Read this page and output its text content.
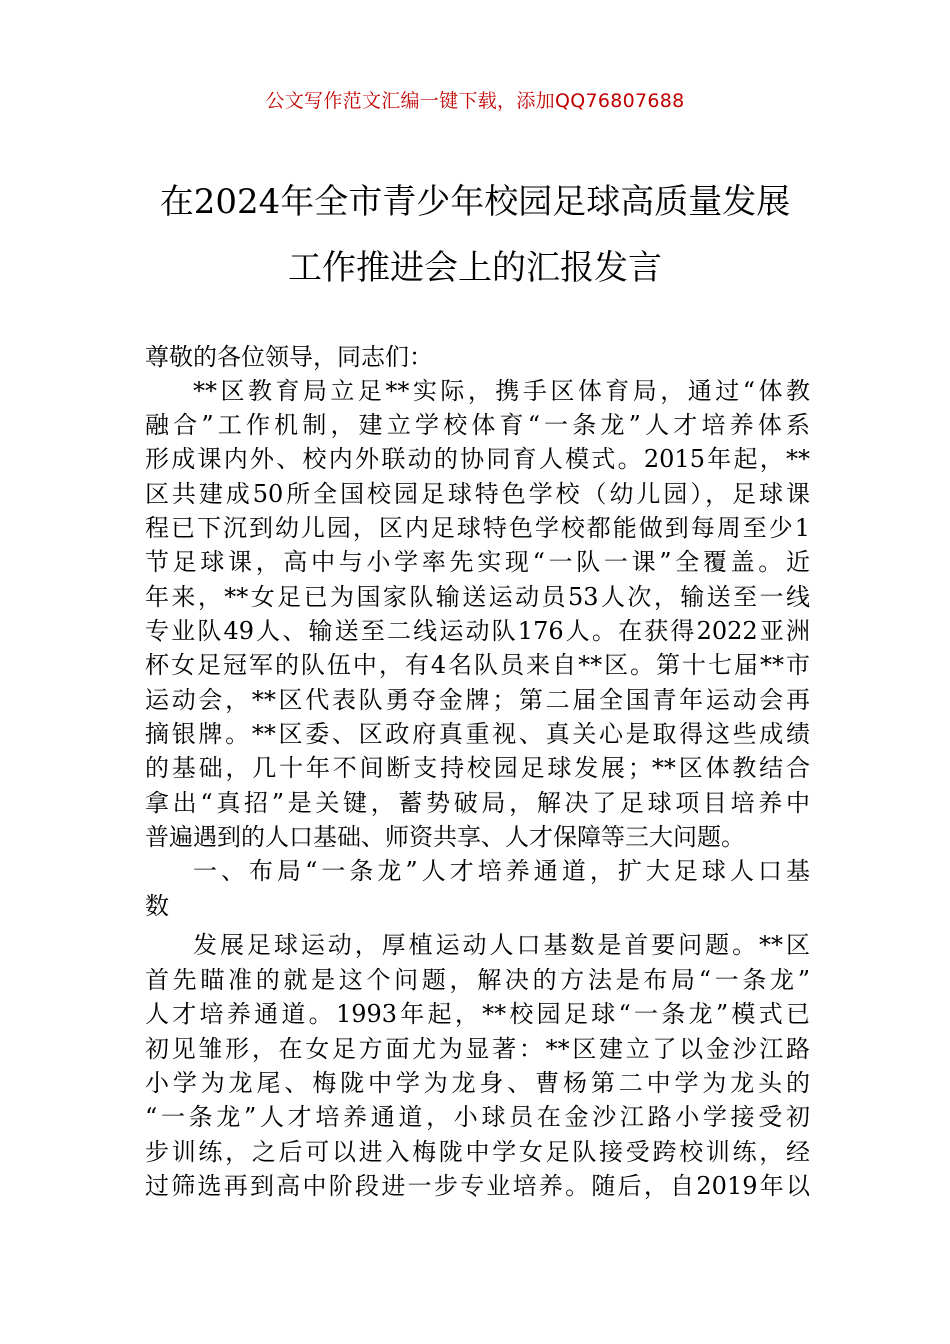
公文写作范文汇编一键下载，添加QQ76807688
在2024年全市青少年校园足球高质量发展
工作推进会上的汇报发言
尊敬的各位领导，同志们：
**区教育局立足**实际，携手区体育局，通过“体教
融合”工作机制，建立学校体育“一条龙”人才培养体系
形成课内外、校内外联动的协同育人模式。2015年起，**
区共建成50所全国校园足球特色学校（幼儿园），足球课
程已下沉到幼儿园，区内足球特色学校都能做到每周至少1
节足球课，高中与小学率先实现“一队一课”全覆盖。近
年来，**女足已为国家队输送运动员53人次，输送至一线
专业队49人、输送至二线运动队176人。在获得2022亚洲
杯女足冠军的队伍中，有4名队员来自**区。第十七届**市
运动会，**区代表队勇夺金牌；第二届全国青年运动会再
摘银牌。**区委、区政府真重视、真关心是取得这些成绩
的基础，几十年不间断支持校园足球发展；**区体教结合
拿出“真招”是关键，蓄势破局，解决了足球项目培养中
普遍遇到的人口基础、师资共享、人才保障等三大问题。
一、布局“一条龙”人才培养通道，扩大足球人口基
数
发展足球运动，厚植运动人口基数是首要问题。**区
首先瞄准的就是这个问题，解决的方法是布局“一条龙”
人才培养通道。1993年起，**校园足球“一条龙”模式已
初见雏形，在女足方面尤为显著：**区建立了以金沙江路
小学为龙尾、梅陇中学为龙身、曹杨第二中学为龙头的
“一条龙”人才培养通道，小球员在金沙江路小学接受初
步训练，之后可以进入梅陇中学女足队接受跨校训练，经
过筛选再到高中阶段进一步专业培养。随后，自2019年以
